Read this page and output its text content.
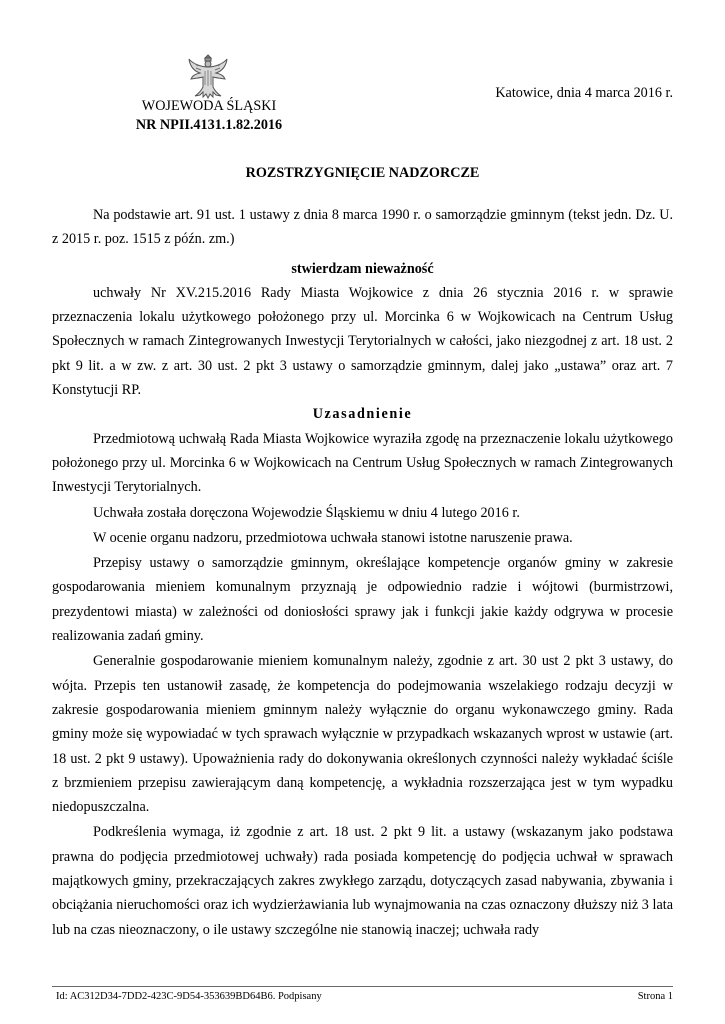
WOJEWODA ŚLĄSKI
NR NPII.4131.1.82.2016
Katowice, dnia 4 marca 2016 r.
ROZSTRZYGNIĘCIE NADZORCZE

Na podstawie art. 91 ust. 1 ustawy z dnia 8 marca 1990 r. o samorządzie gminnym (tekst jedn. Dz. U. z 2015 r. poz. 1515 z późn. zm.)

stwierdzam nieważność

uchwały Nr XV.215.2016 Rady Miasta Wojkowice z dnia 26 stycznia 2016 r. w sprawie przeznaczenia lokalu użytkowego położonego przy ul. Morcinka 6 w Wojkowicach na Centrum Usług Społecznych w ramach Zintegrowanych Inwestycji Terytorialnych w całości, jako niezgodnej z art. 18 ust. 2 pkt 9 lit. a w zw. z art. 30 ust. 2 pkt 3 ustawy o samorządzie gminnym, dalej jako „ustawa” oraz art. 7 Konstytucji RP.

Uzasadnienie

Przedmiotową uchwałą Rada Miasta Wojkowice wyraziła zgodę na przeznaczenie lokalu użytkowego położonego przy ul. Morcinka 6 w Wojkowicach na Centrum Usług Społecznych w ramach Zintegrowanych Inwestycji Terytorialnych.

Uchwała została doręczona Wojewodzie Śląskiemu w dniu 4 lutego 2016 r.

W ocenie organu nadzoru, przedmiotowa uchwała stanowi istotne naruszenie prawa.

Przepisy ustawy o samorządzie gminnym, określające kompetencje organów gminy w zakresie gospodarowania mieniem komunalnym przyznają je odpowiednio radzie i wójtowi (burmistrzowi, prezydentowi miasta) w zależności od doniosłości sprawy jak i funkcji jakie każdy odgrywa w procesie realizowania zadań gminy.

Generalnie gospodarowanie mieniem komunalnym należy, zgodnie z art. 30 ust 2 pkt 3 ustawy, do wójta. Przepis ten ustanowił zasadę, że kompetencja do podejmowania wszelakiego rodzaju decyzji w zakresie gospodarowania mieniem gminnym należy wyłącznie do organu wykonawczego gminy. Rada gminy może się wypowiadać w tych sprawach wyłącznie w przypadkach wskazanych wprost w ustawie (art. 18 ust. 2 pkt 9 ustawy). Upoważnienia rady do dokonywania określonych czynności należy wykładać ściśle z brzmieniem przepisu zawierającym daną kompetencję, a wykładnia rozszerzająca jest w tym wypadku niedopuszczalna.

Podkreślenia wymaga, iż zgodnie z art. 18 ust. 2 pkt 9 lit. a ustawy (wskazanym jako podstawa prawna do podjęcia przedmiotowej uchwały) rada posiada kompetencję do podjęcia uchwał w sprawach majątkowych gminy, przekraczających zakres zwykłego zarządu, dotyczących zasad nabywania, zbywania i obciążania nieruchomości oraz ich wydzierżawiania lub wynajmowania na czas oznaczony dłuższy niż 3 lata lub na czas nieoznaczony, o ile ustawy szczególne nie stanowią inaczej; uchwała rady

Id: AC312D34-7DD2-423C-9D54-353639BD64B6. Podpisany	Strona 1
